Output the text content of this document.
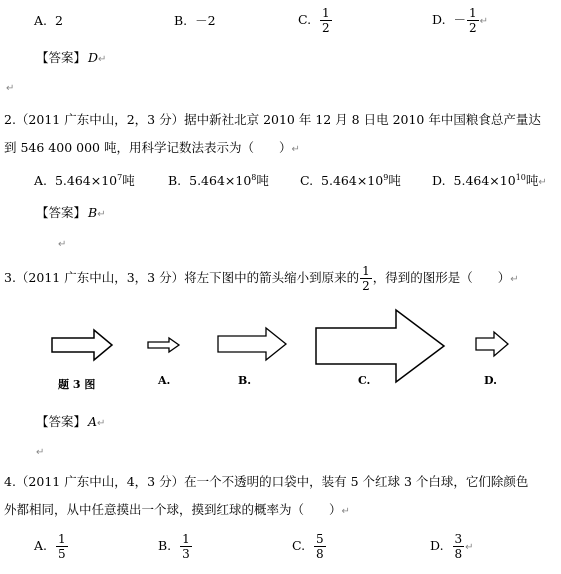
A. 2	B. －2	C. $\frac{1}{2}$	D. － $\frac{1}{2}$ ↵
【答案】 D↵
↵
2.（2011 广东中山，2，3 分）据中新社北京 2010 年 12 月 8 日电 2010 年中国粮食总产量达
到 546 400 000 吨，用科学记数法表示为（　　）↵
A. $5.464\times 10^7$吨	B. $5.464\times 10^8$吨 C. $5.464\times 10^9$吨 D. $5.464\times 10^{10}$吨↵
【答案】 B↵
↵
3.（2011 广东中山，3，3 分）将左下图中的箭头缩小到原来的 $\frac{1}{2}$ ，得到的图形是（　　）↵
题 3 图	A.	B.	C.	D.
【答案】 A↵
↵
4.（2011 广东中山，4，3 分）在一个不透明的口袋中，装有 5 个红球 3 个白球，它们除颜色
外都相同，从中任意摸出一个球，摸到红球的概率为（　　）↵
A. $\frac{1}{5}$	B. $\frac{1}{3}$	C. $\frac{5}{8}$	D. $\frac{3}{8}$ ↵
